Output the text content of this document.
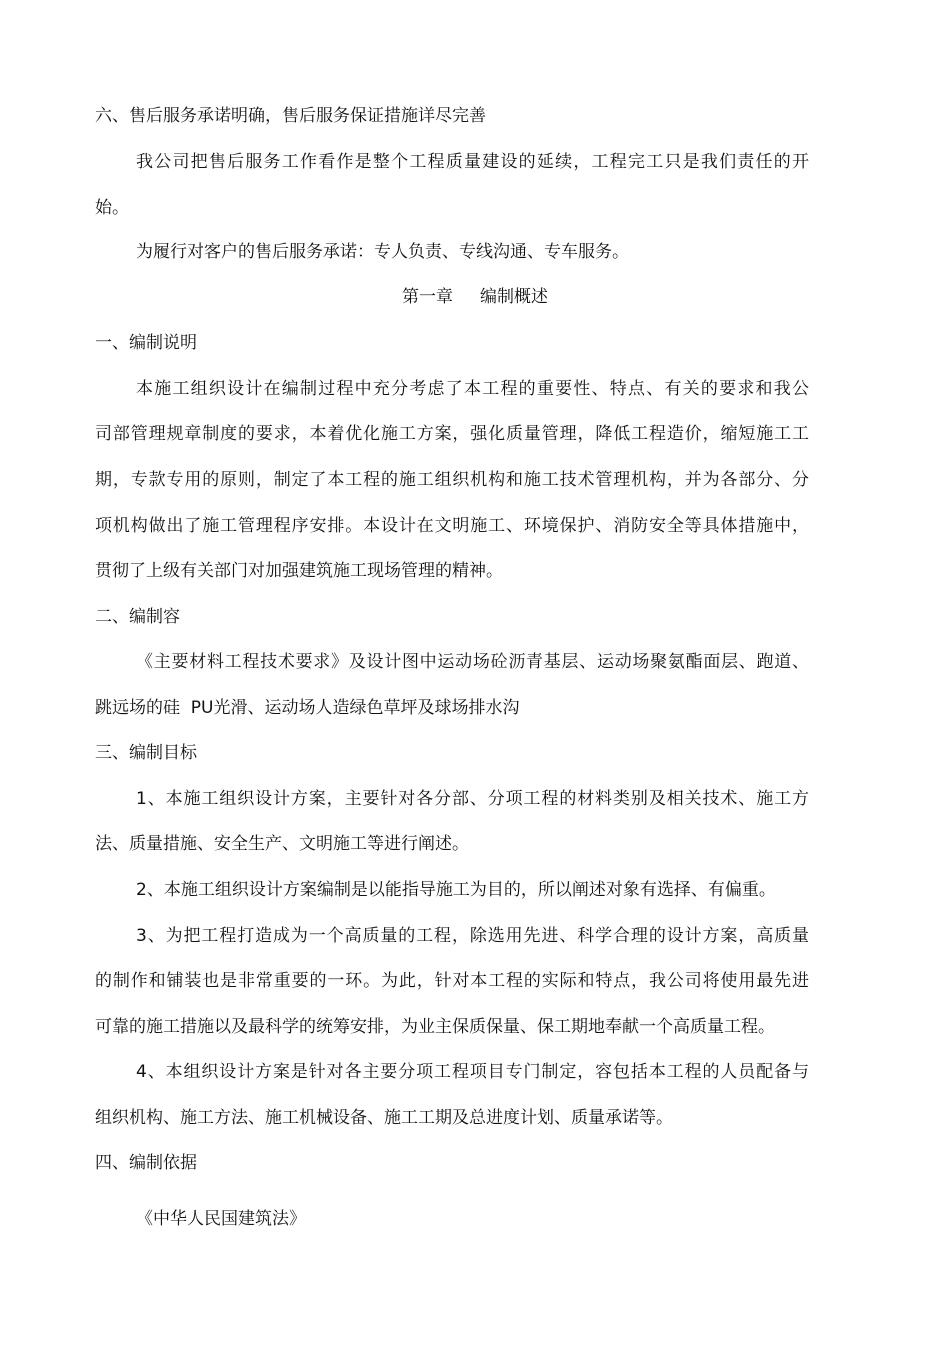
六、售后服务承诺明确，售后服务保证措施详尽完善

我公司把售后服务工作看作是整个工程质量建设的延续，工程完工只是我们责任的开

始。

为履行对客户的售后服务承诺：专人负责、专线沟通、专车服务。

第一章     编制概述

一、编制说明

本施工组织设计在编制过程中充分考虑了本工程的重要性、特点、有关的要求和我公

司部管理规章制度的要求，本着优化施工方案，强化质量管理，降低工程造价，缩短施工工

期，专款专用的原则，制定了本工程的施工组织机构和施工技术管理机构，并为各部分、分

项机构做出了施工管理程序安排。本设计在文明施工、环境保护、消防安全等具体措施中，

贯彻了上级有关部门对加强建筑施工现场管理的精神。

二、编制容

《主要材料工程技术要求》及设计图中运动场砼沥青基层、运动场聚氨酯面层、跑道、

跳远场的硅  PU光滑、运动场人造绿色草坪及球场排水沟

三、编制目标

1、本施工组织设计方案，主要针对各分部、分项工程的材料类别及相关技术、施工方

法、质量措施、安全生产、文明施工等进行阐述。

2、本施工组织设计方案编制是以能指导施工为目的，所以阐述对象有选择、有偏重。

3、为把工程打造成为一个高质量的工程，除选用先进、科学合理的设计方案，高质量

的制作和铺装也是非常重要的一环。为此，针对本工程的实际和特点，我公司将使用最先进

可靠的施工措施以及最科学的统筹安排，为业主保质保量、保工期地奉献一个高质量工程。

4、本组织设计方案是针对各主要分项工程项目专门制定，容包括本工程的人员配备与

组织机构、施工方法、施工机械设备、施工工期及总进度计划、质量承诺等。

四、编制依据

《中华人民国建筑法》
